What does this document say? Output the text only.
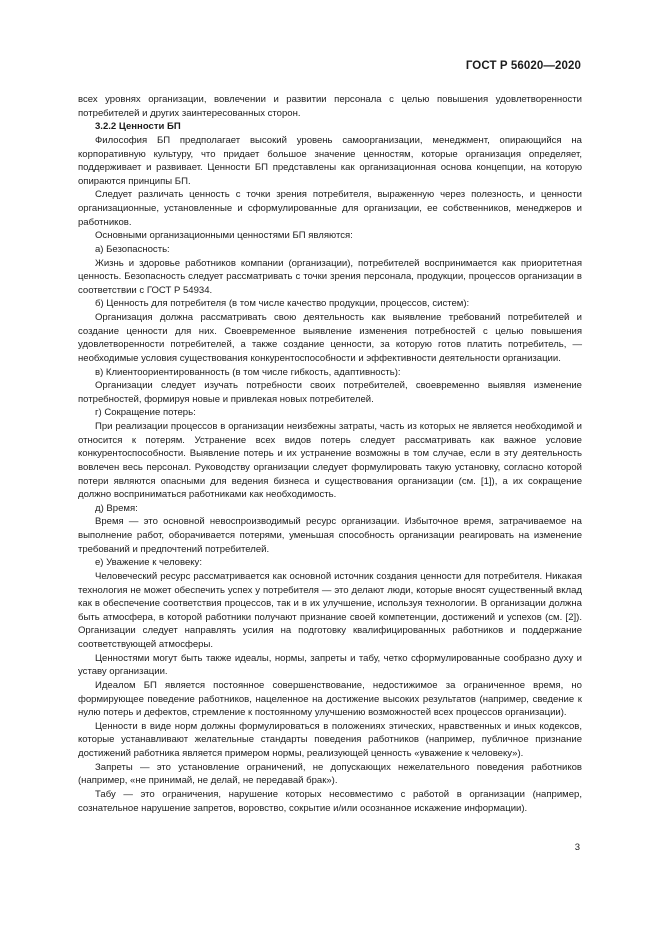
ГОСТ Р 56020—2020

всех уровнях организации, вовлечении и развитии персонала с целью повышения удовлетворенности потребителей и других заинтересованных сторон.

3.2.2 Ценности БП

Философия БП предполагает высокий уровень самоорганизации, менеджмент, опирающийся на корпоративную культуру, что придает большое значение ценностям, которые организация определяет, поддерживает и развивает. Ценности БП представлены как организационная основа концепции, на которую опираются принципы БП.

Следует различать ценность с точки зрения потребителя, выраженную через полезность, и ценности организационные, установленные и сформулированные для организации, ее собственников, менеджеров и работников.

Основными организационными ценностями БП являются:

а) Безопасность:

Жизнь и здоровье работников компании (организации), потребителей воспринимается как приоритетная ценность. Безопасность следует рассматривать с точки зрения персонала, продукции, процессов организации в соответствии с ГОСТ Р 54934.

б) Ценность для потребителя (в том числе качество продукции, процессов, систем):

Организация должна рассматривать свою деятельность как выявление требований потребителей и создание ценности для них. Своевременное выявление изменения потребностей с целью повышения удовлетворенности потребителей, а также создание ценности, за которую готов платить потребитель, — необходимые условия существования конкурентоспособности и эффективности деятельности организации.

в) Клиентоориентированность (в том числе гибкость, адаптивность):

Организации следует изучать потребности своих потребителей, своевременно выявляя изменение потребностей, формируя новые и привлекая новых потребителей.

г) Сокращение потерь:

При реализации процессов в организации неизбежны затраты, часть из которых не является необходимой и относится к потерям. Устранение всех видов потерь следует рассматривать как важное условие конкурентоспособности. Выявление потерь и их устранение возможны в том случае, если в эту деятельность вовлечен весь персонал. Руководству организации следует формулировать такую установку, согласно которой потери являются опасными для ведения бизнеса и существования организации (см. [1]), а их сокращение должно восприниматься работниками как необходимость.

д) Время:

Время — это основной невоспроизводимый ресурс организации. Избыточное время, затрачиваемое на выполнение работ, оборачивается потерями, уменьшая способность организации реагировать на изменение требований и предпочтений потребителей.

е) Уважение к человеку:

Человеческий ресурс рассматривается как основной источник создания ценности для потребителя. Никакая технология не может обеспечить успех у потребителя — это делают люди, которые вносят существенный вклад как в обеспечение соответствия процессов, так и в их улучшение, используя технологии. В организации должна быть атмосфера, в которой работники получают признание своей компетенции, достижений и успехов (см. [2]). Организации следует направлять усилия на подготовку квалифицированных работников и поддержание соответствующей атмосферы.

Ценностями могут быть также идеалы, нормы, запреты и табу, четко сформулированные сообразно духу и уставу организации.

Идеалом БП является постоянное совершенствование, недостижимое за ограниченное время, но формирующее поведение работников, нацеленное на достижение высоких результатов (например, сведение к нулю потерь и дефектов, стремление к постоянному улучшению возможностей всех процессов организации).

Ценности в виде норм должны формулироваться в положениях этических, нравственных и иных кодексов, которые устанавливают желательные стандарты поведения работников (например, публичное признание достижений работника является примером нормы, реализующей ценность «уважение к человеку»).

Запреты — это установление ограничений, не допускающих нежелательного поведения работников (например, «не принимай, не делай, не передавай брак»).

Табу — это ограничения, нарушение которых несовместимо с работой в организации (например, сознательное нарушение запретов, воровство, сокрытие и/или осознанное искажение информации).

3
